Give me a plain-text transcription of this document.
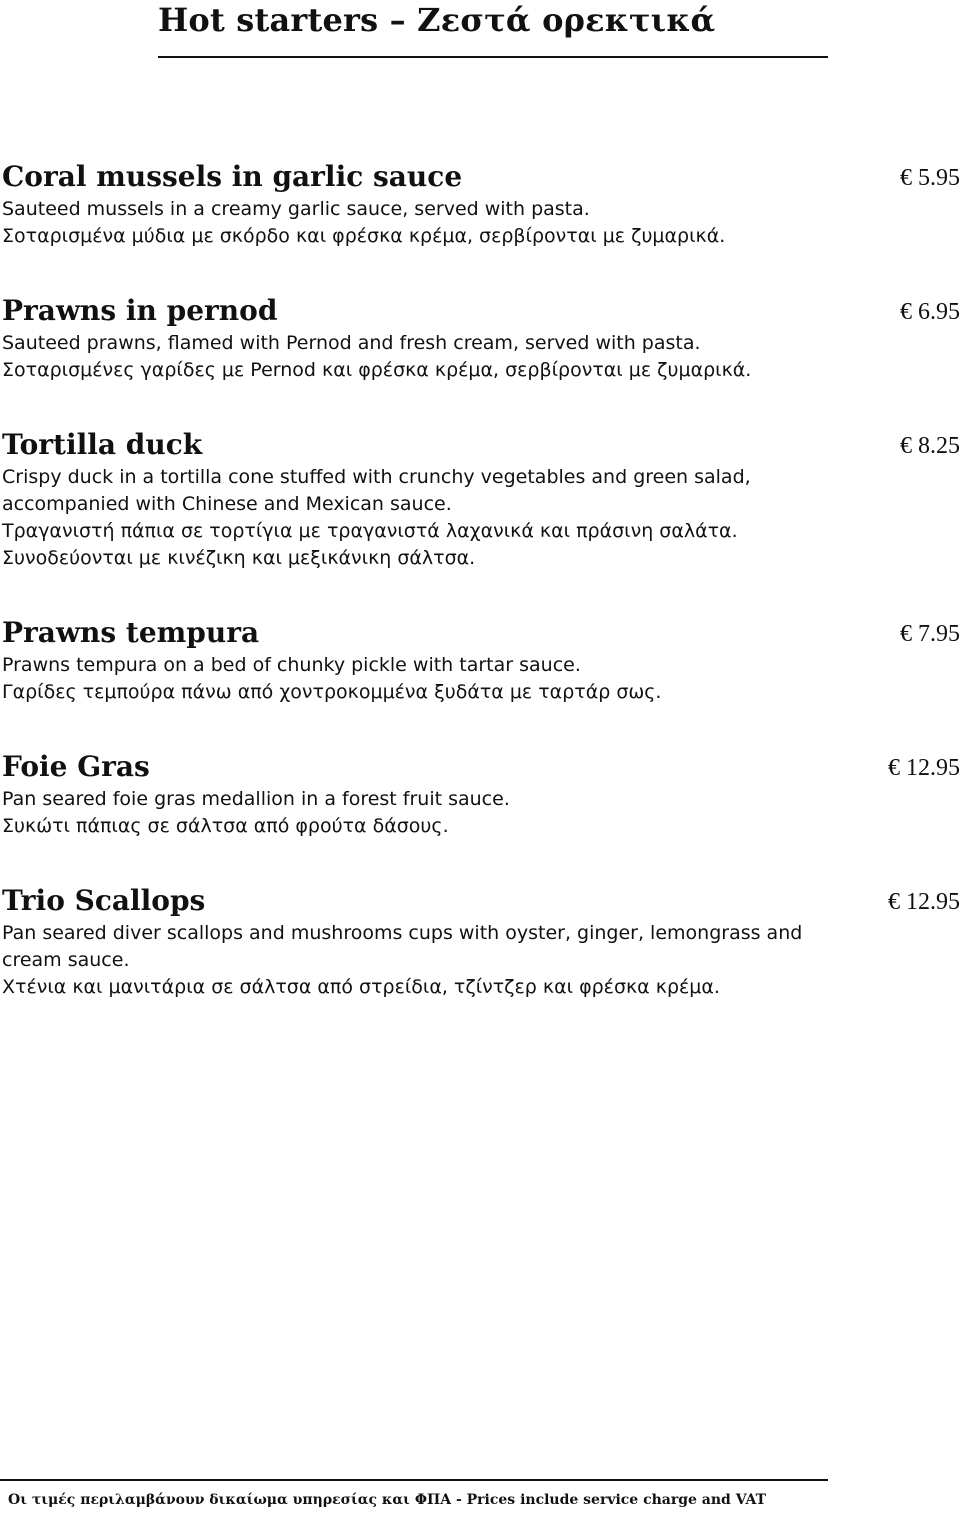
Hot starters – Ζεστά ορεκτικά
Coral mussels in garlic sauce	€ 5.95

Sauteed mussels in a creamy garlic sauce, served with pasta.

Σοταρισμένα μύδια με σκόρδο και φρέσκα κρέμα, σερβίρονται με ζυμαρικά.

Prawns in pernod	€ 6.95

Sauteed prawns, flamed with Pernod and fresh cream, served with pasta.

Σοταρισμένες γαρίδες με Pernod και φρέσκα κρέμα, σερβίρονται με ζυμαρικά.

Tortilla duck	€ 8.25

Crispy duck in a tortilla cone stuffed with crunchy vegetables and green salad, accompanied with Chinese and Mexican sauce.

Τραγανιστή πάπια σε τορτίγια με τραγανιστά λαχανικά και πράσινη σαλάτα. Συνοδεύονται με κινέζικη και μεξικάνικη σάλτσα.

Prawns tempura	€ 7.95

Prawns tempura on a bed of chunky pickle with tartar sauce.

Γαρίδες τεμπούρα πάνω από χοντροκομμένα ξυδάτα με ταρτάρ σως.

Foie Gras	€ 12.95

Pan seared foie gras medallion in a forest fruit sauce.

Συκώτι πάπιας σε σάλτσα από φρούτα δάσους.

Trio Scallops	€ 12.95

Pan seared diver scallops and mushrooms cups with oyster, ginger, lemongrass and cream sauce.

Χτένια και μανιτάρια σε σάλτσα από στρείδια, τζίντζερ και φρέσκα κρέμα.

Οι τιμές περιλαμβάνουν δικαίωμα υπηρεσίας και ΦΠΑ - Prices include service charge and VAT
